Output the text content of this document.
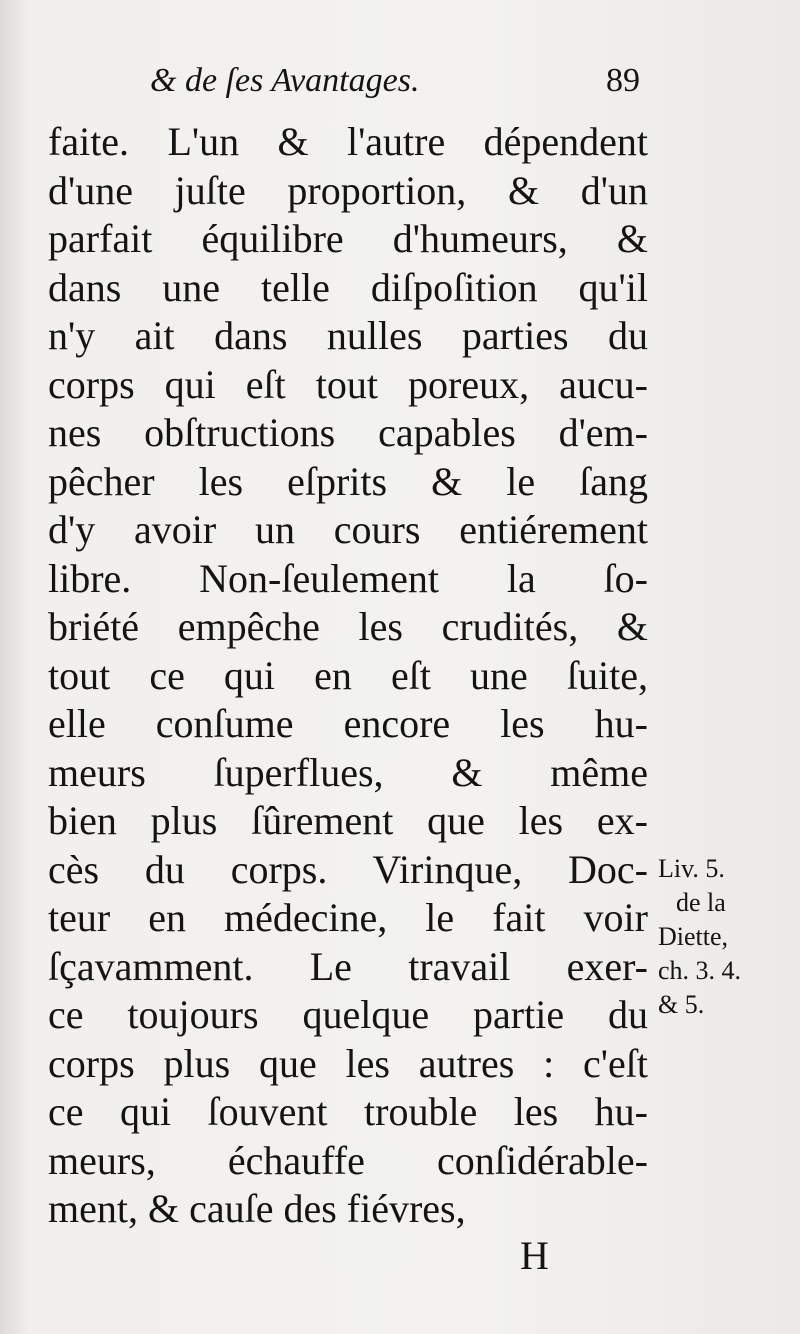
& de ſes Avantages.	89
faite. L'un & l'autre dépendent
d'une juſte proportion, & d'un
parfait équilibre d'humeurs, &
dans une telle diſpoſition qu'il
n'y ait dans nulles parties du
corps qui eſt tout poreux, aucu-
nes obſtructions capables d'em-
pêcher les eſprits & le ſang
d'y avoir un cours entiérement
libre. Non-ſeulement la ſo-
briété empêche les crudités, &
tout ce qui en eſt une ſuite,
elle conſume encore les hu-
meurs ſuperflues, & même
bien plus ſûrement que les ex-
cès du corps. Virinque, Doc-
teur en médecine, le fait voir
ſçavamment. Le travail exer-
ce toujours quelque partie du
corps plus que les autres : c'eſt
ce qui ſouvent trouble les hu-
meurs, échauffe conſidérable-
ment, & cauſe des fiévres,
Liv. 5.
de la
Diette,
ch. 3. 4.
& 5.
H
